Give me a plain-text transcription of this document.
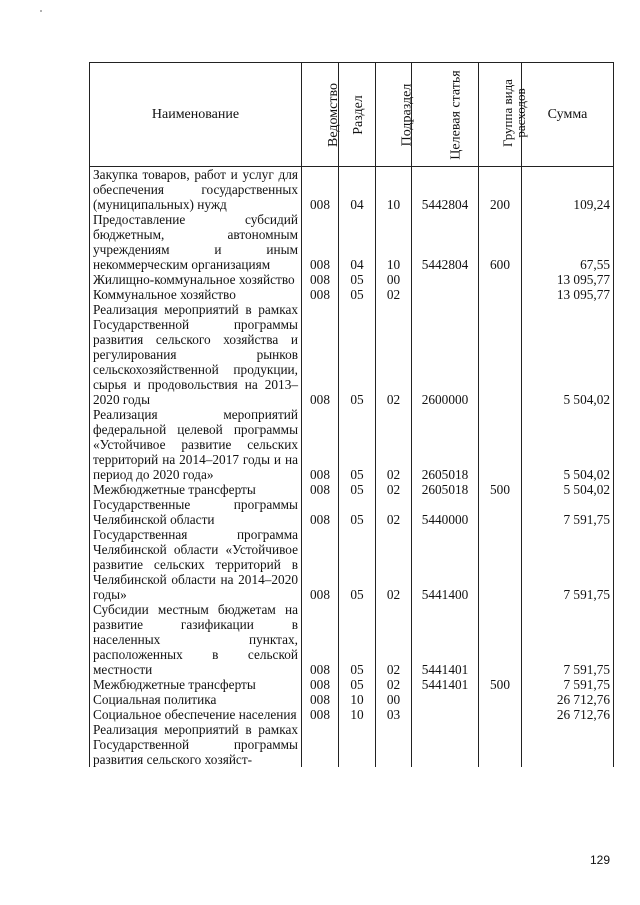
Наименование	Ведомство	Раздел	Подраздел	Целевая статья	Группа вида расходов	Сумма
Закупка товаров, работ и услуг для обеспечения государственных (муниципальных) нужд	008	04	10	5442804	200	109,24
Предоставление субсидий бюджетным, автономным учреждениям и иным некоммерческим организациям	008	04	10	5442804	600	67,55
Жилищно-коммунальное хозяйство	008	05	00			13 095,77
Коммунальное хозяйство	008	05	02			13 095,77
Реализация мероприятий в рамках Государственной программы развития сельского хозяйства и регулирования рынков сельскохозяйственной продукции, сырья и продовольствия на 2013–2020 годы	008	05	02	2600000		5 504,02
Реализация мероприятий федеральной целевой программы «Устойчивое развитие сельских территорий на 2014–2017 годы и на период до 2020 года»	008	05	02	2605018		5 504,02
Межбюджетные трансферты	008	05	02	2605018	500	5 504,02
Государственные программы Челябинской области	008	05	02	5440000		7 591,75
Государственная программа Челябинской области «Устойчивое развитие сельских территорий в Челябинской области на 2014–2020 годы»	008	05	02	5441400		7 591,75
Субсидии местным бюджетам на развитие газификации в населенных пунктах, расположенных в сельской местности	008	05	02	5441401		7 591,75
Межбюджетные трансферты	008	05	02	5441401	500	7 591,75
Социальная политика	008	10	00			26 712,76
Социальное обеспечение населения	008	10	03			26 712,76
Реализация мероприятий в рамках Государственной программы развития сельского хозяйст-						
129
